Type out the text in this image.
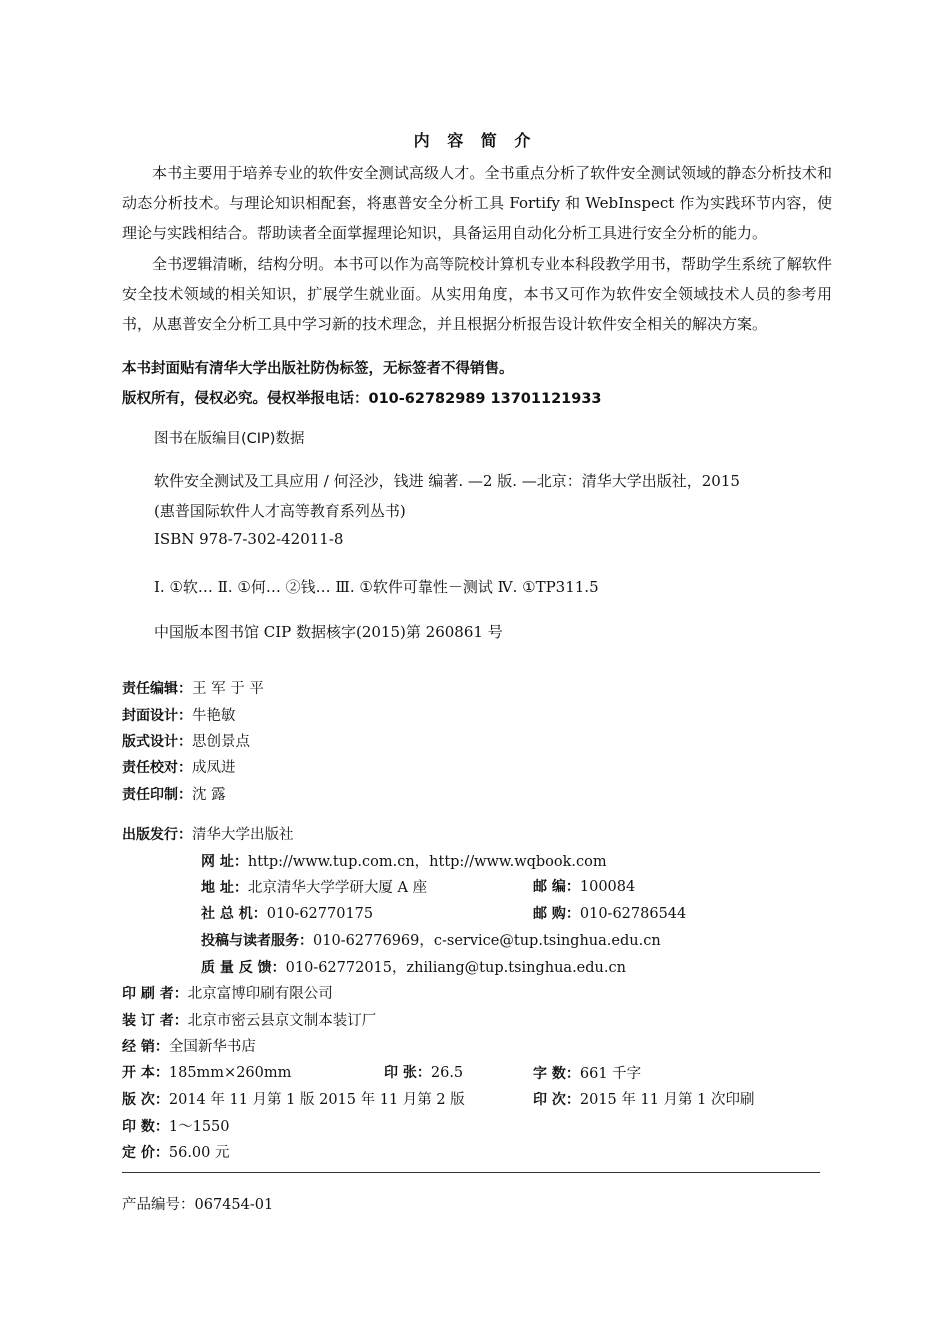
内 容 简 介

本书主要用于培养专业的软件安全测试高级人才。全书重点分析了软件安全测试领域的静态分析技术和动态分析技术。与理论知识相配套，将惠普安全分析工具 Fortify 和 WebInspect 作为实践环节内容，使理论与实践相结合。帮助读者全面掌握理论知识，具备运用自动化分析工具进行安全分析的能力。

全书逻辑清晰，结构分明。本书可以作为高等院校计算机专业本科段教学用书，帮助学生系统了解软件安全技术领域的相关知识，扩展学生就业面。从实用角度，本书又可作为软件安全领域技术人员的参考用书，从惠普安全分析工具中学习新的技术理念，并且根据分析报告设计软件安全相关的解决方案。

本书封面贴有清华大学出版社防伪标签，无标签者不得销售。
版权所有，侵权必究。侵权举报电话：010-62782989 13701121933
图书在版编目(CIP)数据
软件安全测试及工具应用 / 何泾沙，钱进 编著. —2 版. —北京：清华大学出版社，2015
(惠普国际软件人才高等教育系列丛书)
ISBN 978-7-302-42011-8
Ⅰ. ①软… Ⅱ. ①何… ②钱… Ⅲ. ①软件可靠性－测试 Ⅳ. ①TP311.5
中国版本图书馆 CIP 数据核字(2015)第 260861 号
责任编辑：王 军 于 平
封面设计：牛艳敏
版式设计：思创景点
责任校对：成凤进
责任印制：沈 露
出版发行：清华大学出版社
网 址：http://www.tup.com.cn，http://www.wqbook.com
地 址：北京清华大学学研大厦 A 座	邮 编：100084
社 总 机：010-62770175	邮 购：010-62786544
投稿与读者服务：010-62776969，c-service@tup.tsinghua.edu.cn
质 量 反 馈：010-62772015，zhiliang@tup.tsinghua.edu.cn
印 刷 者：北京富博印刷有限公司
装 订 者：北京市密云县京文制本装订厂
经 销：全国新华书店
开 本：185mm×260mm	印 张：26.5	字 数：661 千字
版 次：2014 年 11 月第 1 版 2015 年 11 月第 2 版	印 次：2015 年 11 月第 1 次印刷
印 数：1～1550
定 价：56.00 元
产品编号：067454-01
